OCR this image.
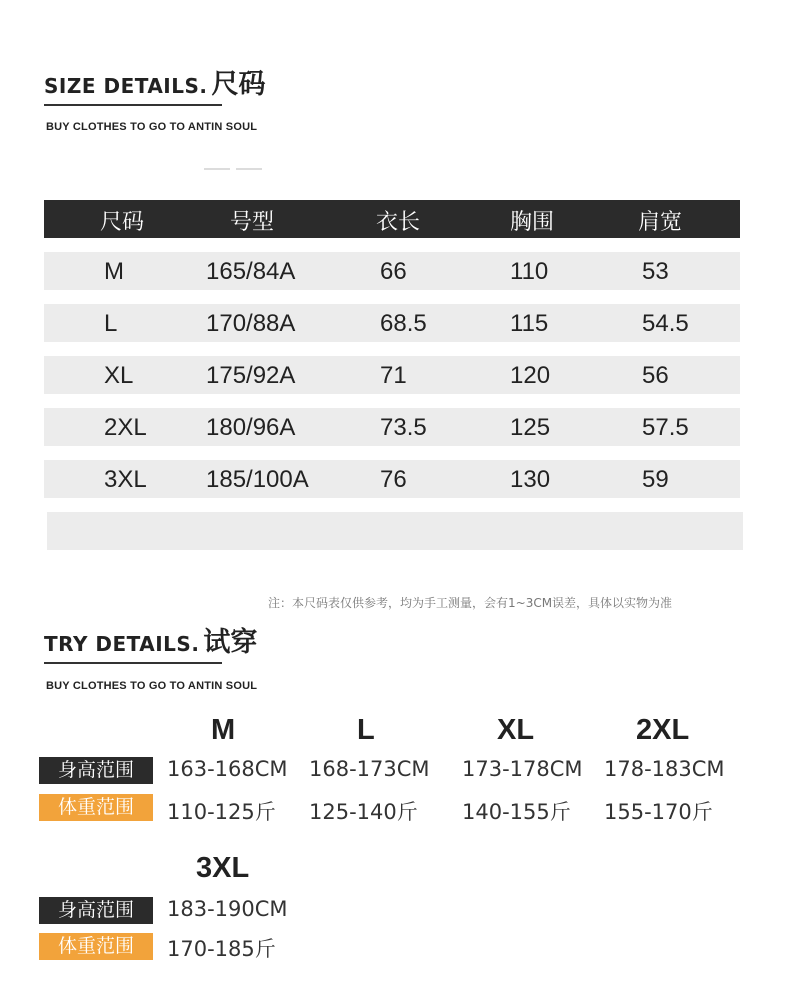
SIZE DETAILS. 尺码
BUY CLOTHES TO GO TO ANTIN SOUL
尺码	号型	衣长	胸围	肩宽
M	165/84A	66	110	53
L	170/88A	68.5	115	54.5
XL	175/92A	71	120	56
2XL 180/96A	73.5	125	57.5
3XL 185/100A	76	130	59
注：本尺码表仅供参考，均为手工测量，会有1~3CM误差，具体以实物为准
TRY DETAILS. 试穿
BUY CLOTHES TO GO TO ANTIN SOUL
M	L	XL	2XL
身高范围	163-168CM 168-173CM 173-178CM 178-183CM
体重范围	110-125斤 125-140斤 140-155斤 155-170斤
3XL
身高范围	183-190CM
体重范围	170-185斤
